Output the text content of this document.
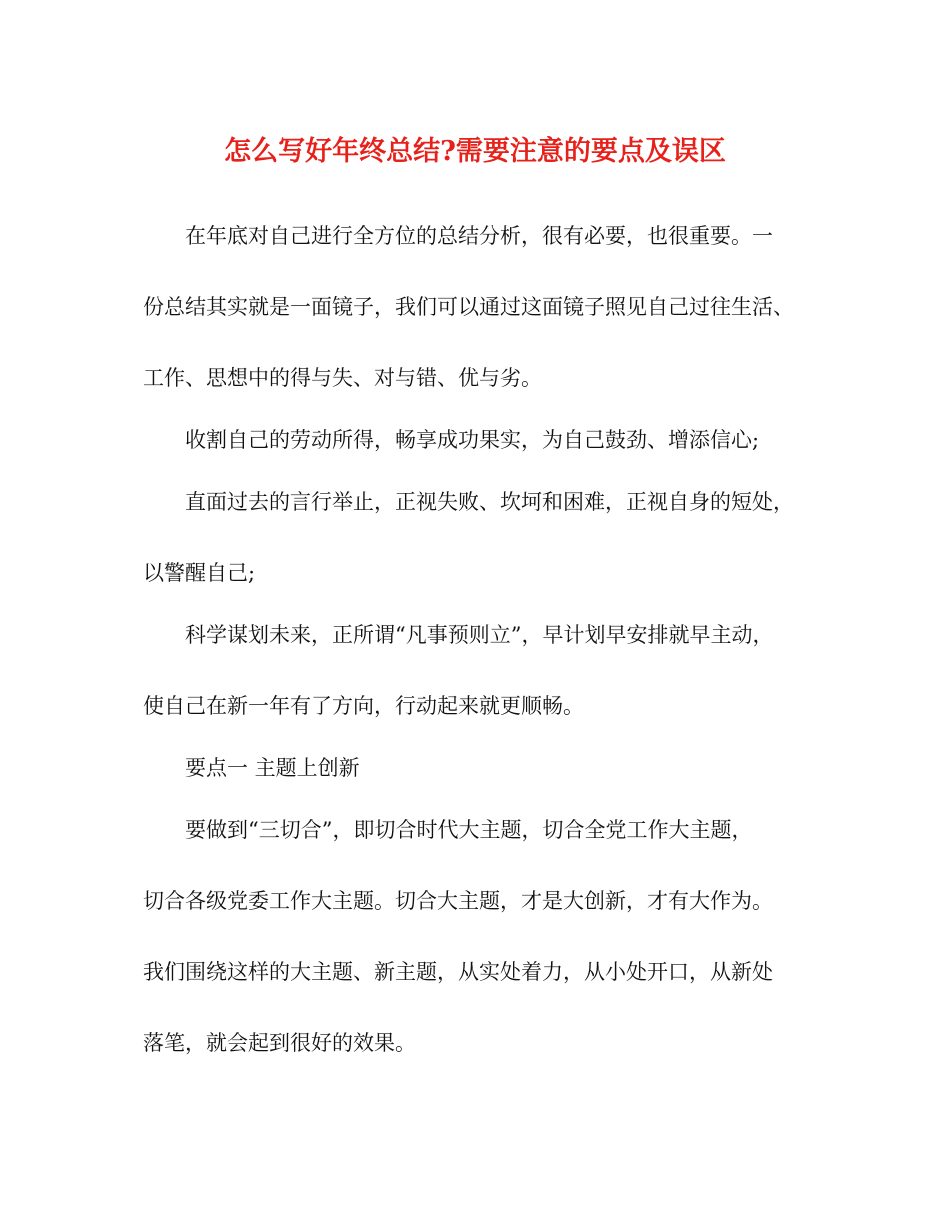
怎么写好年终总结?需要注意的要点及误区
在年底对自己进行全方位的总结分析，很有必要，也很重要。一
份总结其实就是一面镜子，我们可以通过这面镜子照见自己过往生活、
工作、思想中的得与失、对与错、优与劣。
收割自己的劳动所得，畅享成功果实，为自己鼓劲、增添信心;
直面过去的言行举止，正视失败、坎坷和困难，正视自身的短处，
以警醒自己;
科学谋划未来，正所谓“凡事预则立”，早计划早安排就早主动，
使自己在新一年有了方向，行动起来就更顺畅。
要点一 主题上创新
要做到“三切合”，即切合时代大主题，切合全党工作大主题，
切合各级党委工作大主题。切合大主题，才是大创新，才有大作为。
我们围绕这样的大主题、新主题，从实处着力，从小处开口，从新处
落笔，就会起到很好的效果。
